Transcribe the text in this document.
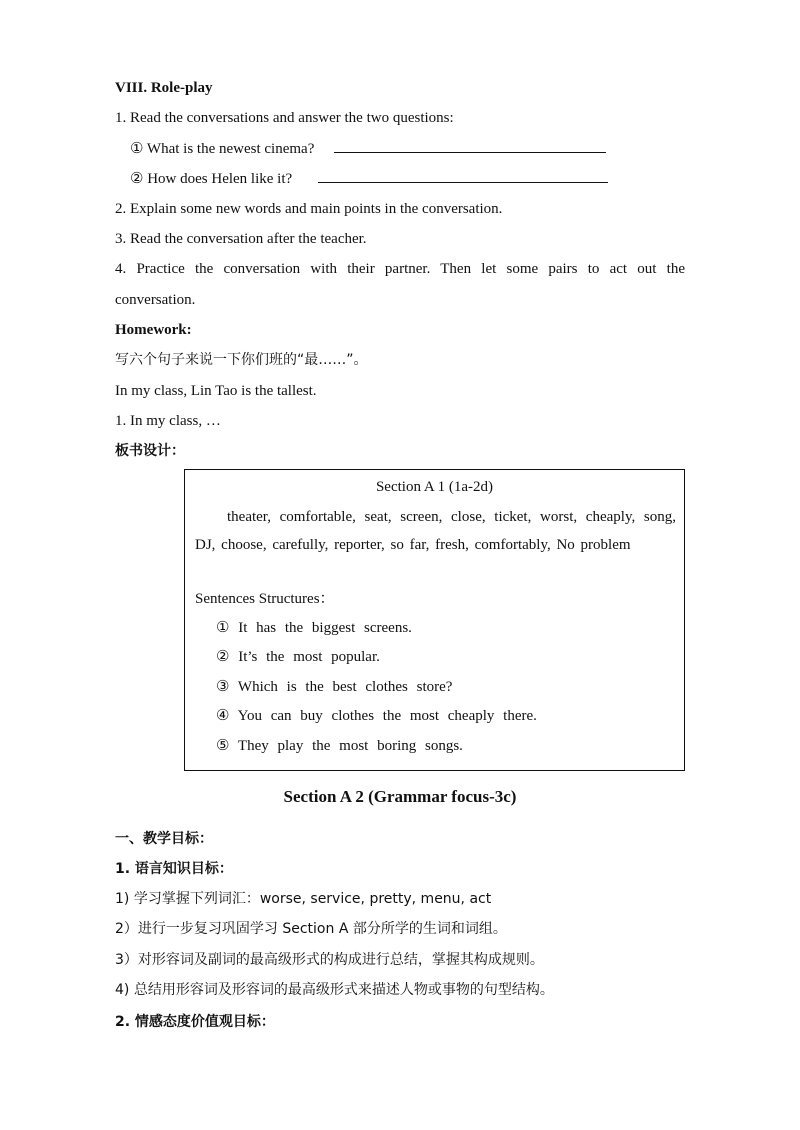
VIII. Role-play
1. Read the conversations and answer the two questions:
① What is the newest cinema?
② How does Helen like it?
2. Explain some new words and main points in the conversation.
3. Read the conversation after the teacher.
4. Practice the conversation with their partner. Then let some pairs to act out the
conversation.
Homework:
写六个句子来说一下你们班的“最……”。
In my class, Lin Tao is the tallest.
1. In my class, …
板书设计：
Section A 1 (1a-2d)
theater, comfortable, seat, screen, close, ticket, worst, cheaply, song, DJ, choose, carefully, reporter, so far, fresh, comfortably, No problem
Sentences Structures：
① It has the biggest screens.
② It’s the most popular.
③ Which is the best clothes store?
④ You can buy clothes the most cheaply there.
⑤ They play the most boring songs.
Section A 2 (Grammar focus-3c)
一、教学目标：
1. 语言知识目标：
1) 学习掌握下列词汇：worse, service, pretty, menu, act
2）进行一步复习巩固学习 Section A 部分所学的生词和词组。
3）对形容词及副词的最高级形式的构成进行总结，掌握其构成规则。
4) 总结用形容词及形容词的最高级形式来描述人物或事物的句型结构。
2. 情感态度价值观目标：
